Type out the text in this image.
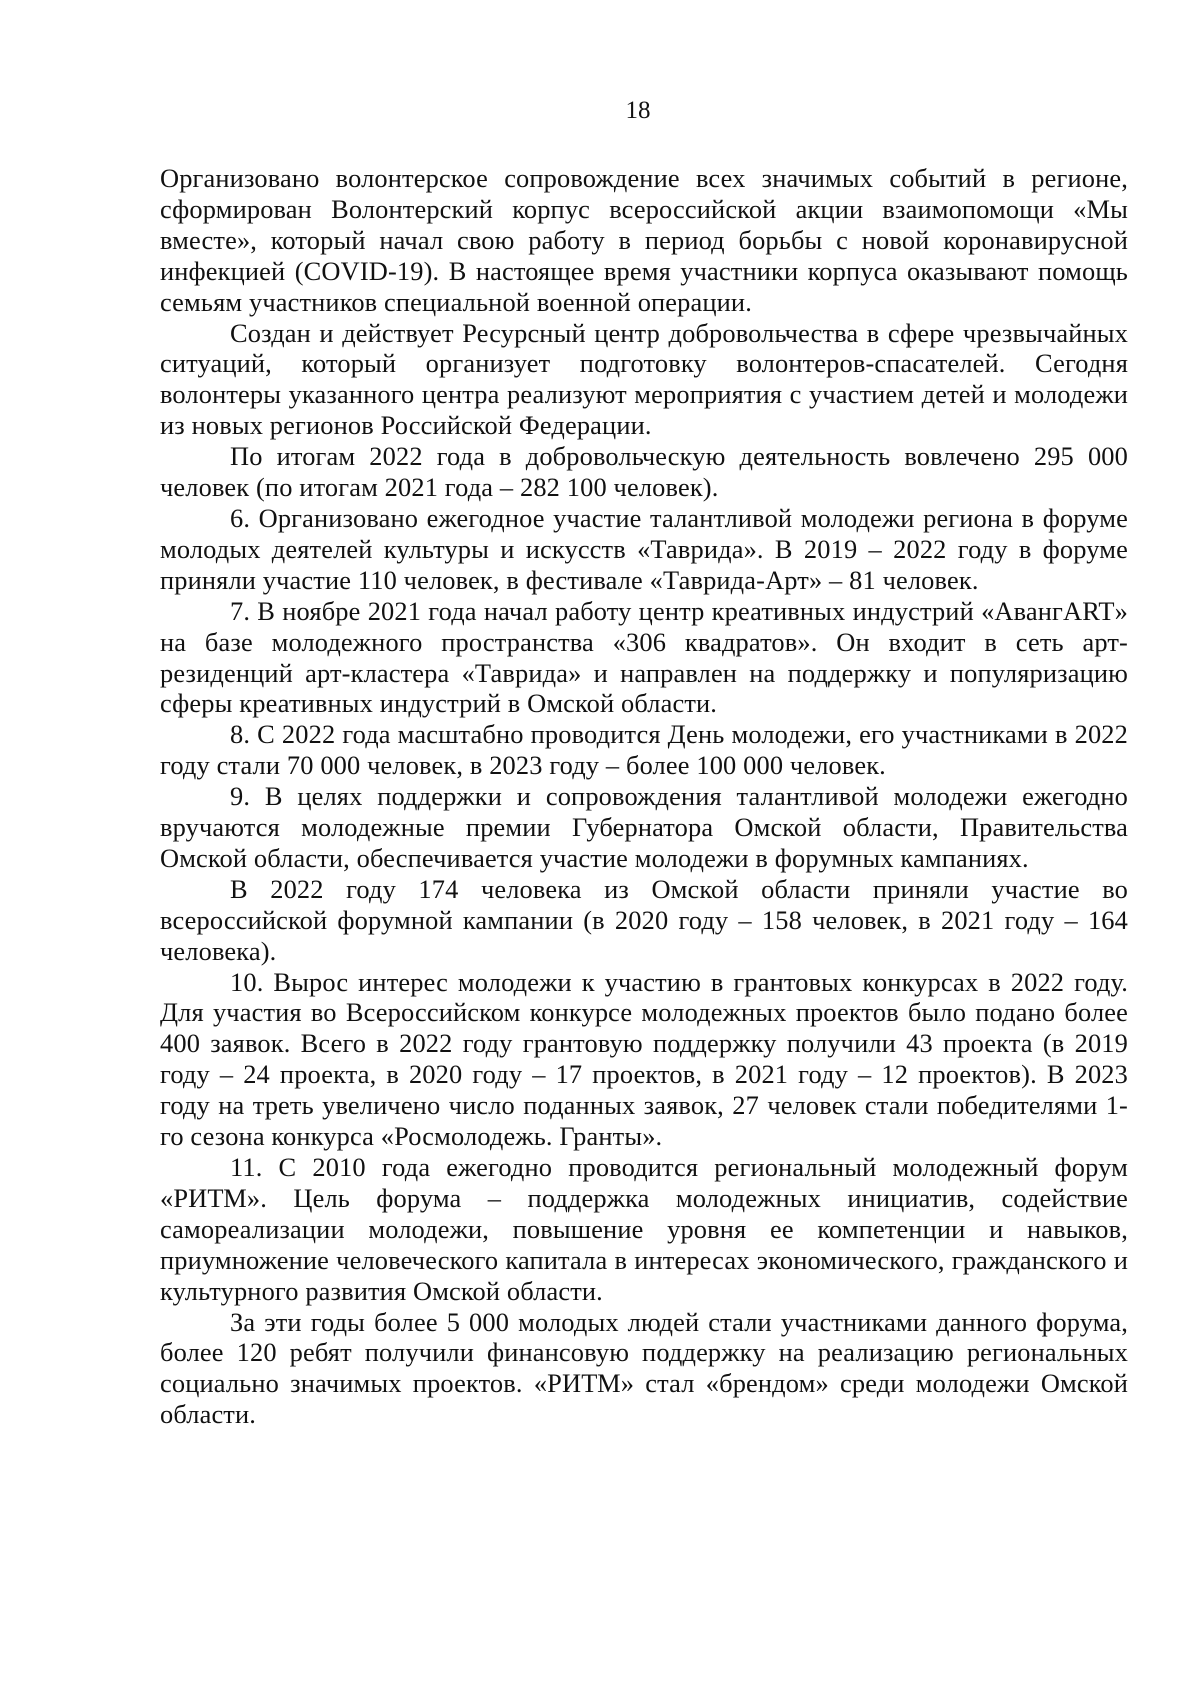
18

Организовано волонтерское сопровождение всех значимых событий в регионе, сформирован Волонтерский корпус всероссийской акции взаимопомощи «Мы вместе», который начал свою работу в период борьбы с новой коронавирусной инфекцией (COVID-19). В настоящее время участники корпуса оказывают помощь семьям участников специальной военной операции.

Создан и действует Ресурсный центр добровольчества в сфере чрезвычайных ситуаций, который организует подготовку волонтеров-спасателей. Сегодня волонтеры указанного центра реализуют мероприятия с участием детей и молодежи из новых регионов Российской Федерации.

По итогам 2022 года в добровольческую деятельность вовлечено 295 000 человек (по итогам 2021 года – 282 100 человек).

6. Организовано ежегодное участие талантливой молодежи региона в форуме молодых деятелей культуры и искусств «Таврида». В 2019 – 2022 году в форуме приняли участие 110 человек, в фестивале «Таврида-Арт» – 81 человек.

7. В ноябре 2021 года начал работу центр креативных индустрий «АвангАRT» на базе молодежного пространства «306 квадратов». Он входит в сеть арт-резиденций арт-кластера «Таврида» и направлен на поддержку и популяризацию сферы креативных индустрий в Омской области.

8. С 2022 года масштабно проводится День молодежи, его участниками в 2022 году стали 70 000 человек, в 2023 году – более 100 000 человек.

9. В целях поддержки и сопровождения талантливой молодежи ежегодно вручаются молодежные премии Губернатора Омской области, Правительства Омской области, обеспечивается участие молодежи в форумных кампаниях.

В 2022 году 174 человека из Омской области приняли участие во всероссийской форумной кампании (в 2020 году – 158 человек, в 2021 году – 164 человека).

10. Вырос интерес молодежи к участию в грантовых конкурсах в 2022 году. Для участия во Всероссийском конкурсе молодежных проектов было подано более 400 заявок. Всего в 2022 году грантовую поддержку получили 43 проекта (в 2019 году – 24 проекта, в 2020 году – 17 проектов, в 2021 году – 12 проектов). В 2023 году на треть увеличено число поданных заявок, 27 человек стали победителями 1-го сезона конкурса «Росмолодежь. Гранты».

11. С 2010 года ежегодно проводится региональный молодежный форум «РИТМ». Цель форума – поддержка молодежных инициатив, содействие самореализации молодежи, повышение уровня ее компетенции и навыков, приумножение человеческого капитала в интересах экономического, гражданского и культурного развития Омской области.

За эти годы более 5 000 молодых людей стали участниками данного форума, более 120 ребят получили финансовую поддержку на реализацию региональных социально значимых проектов. «РИТМ» стал «брендом» среди молодежи Омской области.
